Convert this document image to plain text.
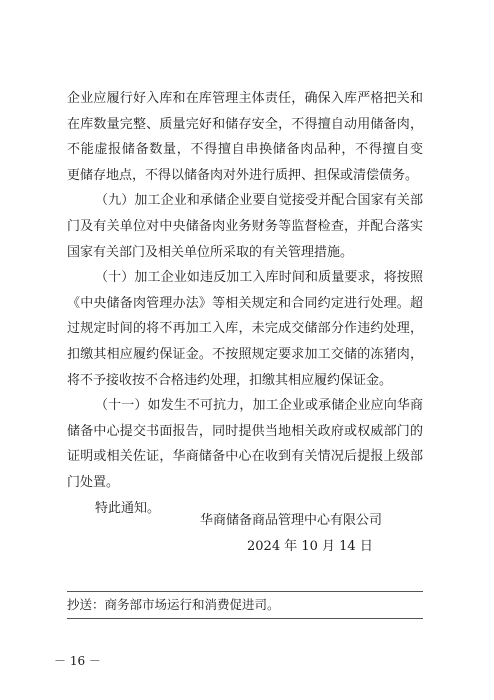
企业应履行好入库和在库管理主体责任，确保入库严格把关和
在库数量完整、质量完好和储存安全，不得擅自动用储备肉，
不能虚报储备数量，不得擅自串换储备肉品种，不得擅自变
更储存地点，不得以储备肉对外进行质押、担保或清偿债务。
（九）加工企业和承储企业要自觉接受并配合国家有关部
门及有关单位对中央储备肉业务财务等监督检查，并配合落实
国家有关部门及相关单位所采取的有关管理措施。
（十）加工企业如违反加工入库时间和质量要求，将按照
《中央储备肉管理办法》等相关规定和合同约定进行处理。超
过规定时间的将不再加工入库，未完成交储部分作违约处理，
扣缴其相应履约保证金。不按照规定要求加工交储的冻猪肉，
将不予接收按不合格违约处理，扣缴其相应履约保证金。
（十一）如发生不可抗力，加工企业或承储企业应向华商
储备中心提交书面报告，同时提供当地相关政府或权威部门的
证明或相关佐证，华商储备中心在收到有关情况后提报上级部
门处置。
特此通知。
华商储备商品管理中心有限公司
2024 年 10 月 14 日
抄送：商务部市场运行和消费促进司。
－ 16 －
